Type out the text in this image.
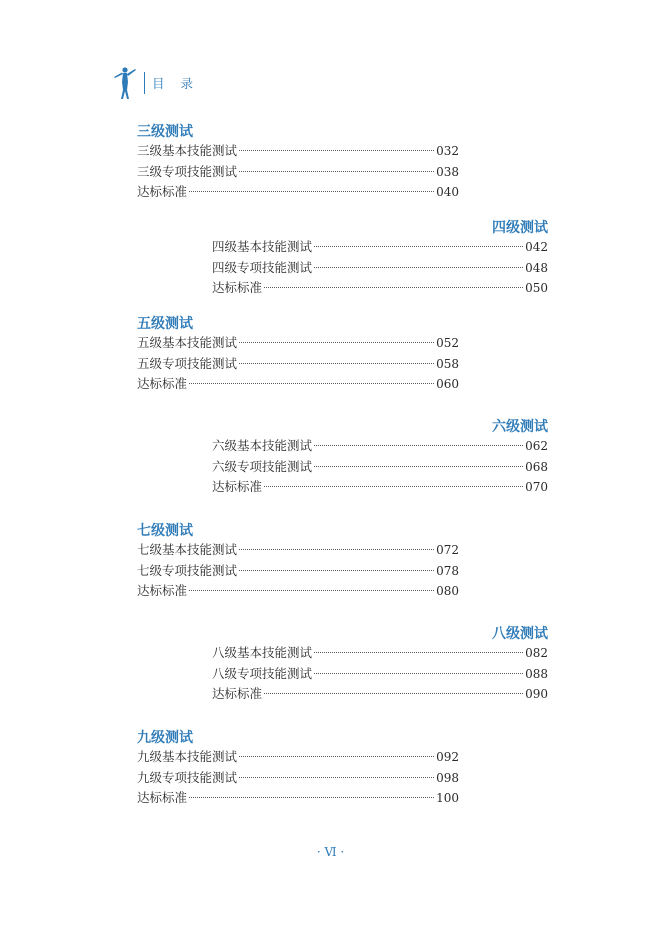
目 录
三级测试
三级基本技能测试	032
三级专项技能测试	038
达标标准	040
四级测试
四级基本技能测试	042
四级专项技能测试	048
达标标准	050
五级测试
五级基本技能测试	052
五级专项技能测试	058
达标标准	060
六级测试
六级基本技能测试	062
六级专项技能测试	068
达标标准	070
七级测试
七级基本技能测试	072
七级专项技能测试	078
达标标准	080
八级测试
八级基本技能测试	082
八级专项技能测试	088
达标标准	090
九级测试
九级基本技能测试	092
九级专项技能测试	098
达标标准	100
· Ⅵ ·
